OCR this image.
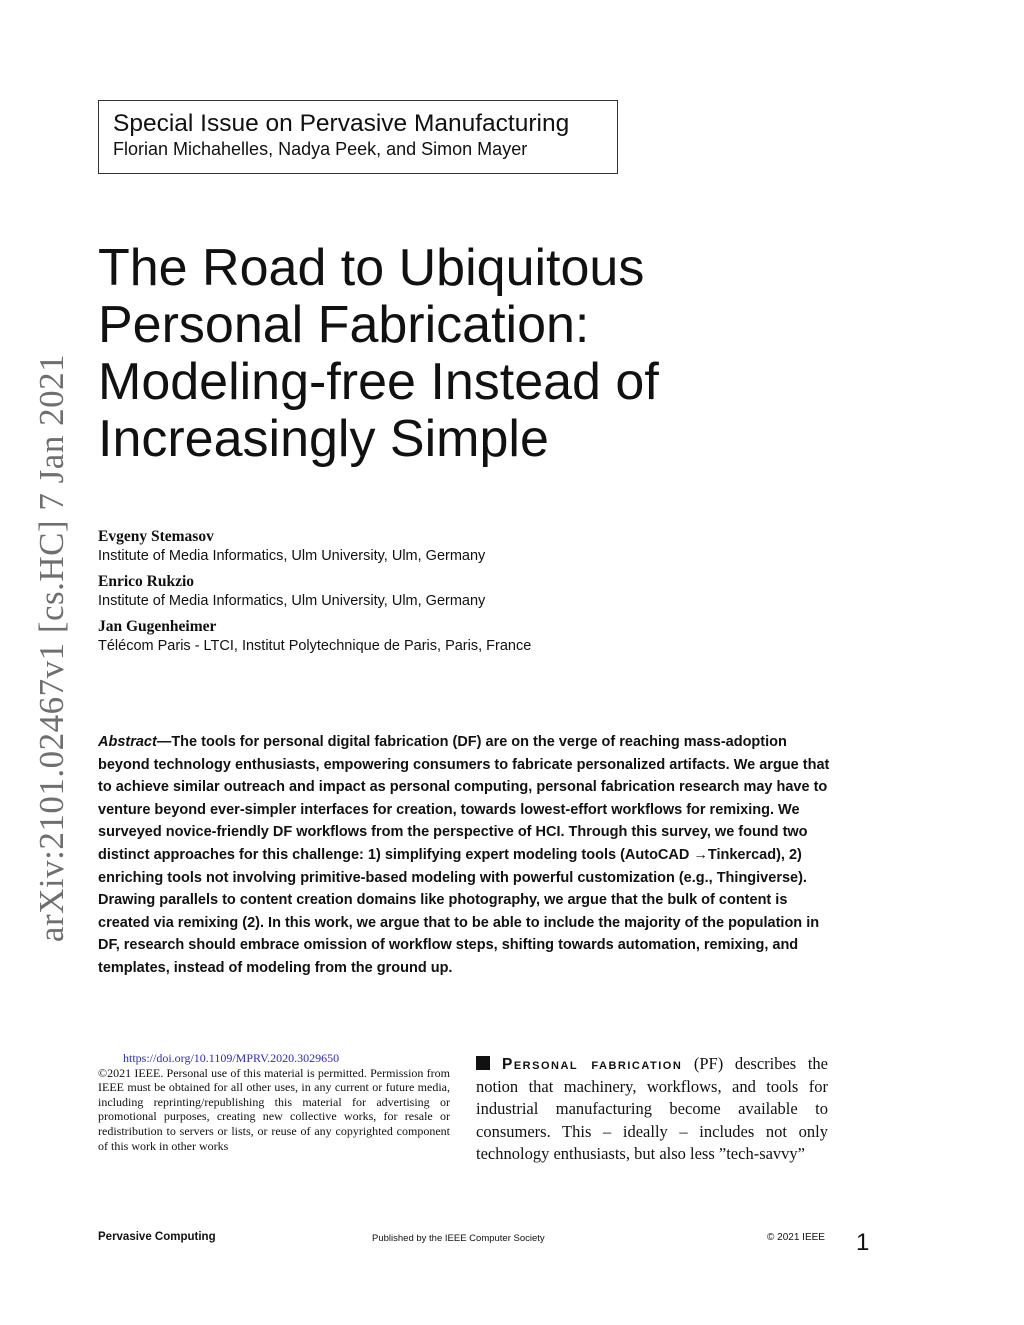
Special Issue on Pervasive Manufacturing
Florian Michahelles, Nadya Peek, and Simon Mayer
arXiv:2101.02467v1 [cs.HC] 7 Jan 2021
The Road to Ubiquitous
Personal Fabrication:
Modeling-free Instead of
Increasingly Simple
Evgeny Stemasov
Institute of Media Informatics, Ulm University, Ulm, Germany
Enrico Rukzio
Institute of Media Informatics, Ulm University, Ulm, Germany
Jan Gugenheimer
Télécom Paris - LTCI, Institut Polytechnique de Paris, Paris, France
Abstract—The tools for personal digital fabrication (DF) are on the verge of reaching mass-adoption beyond technology enthusiasts, empowering consumers to fabricate personalized artifacts. We argue that to achieve similar outreach and impact as personal computing, personal fabrication research may have to venture beyond ever-simpler interfaces for creation, towards lowest-effort workflows for remixing. We surveyed novice-friendly DF workflows from the perspective of HCI. Through this survey, we found two distinct approaches for this challenge: 1) simplifying expert modeling tools (AutoCAD →Tinkercad), 2) enriching tools not involving primitive-based modeling with powerful customization (e.g., Thingiverse). Drawing parallels to content creation domains like photography, we argue that the bulk of content is created via remixing (2). In this work, we argue that to be able to include the majority of the population in DF, research should embrace omission of workflow steps, shifting towards automation, remixing, and templates, instead of modeling from the ground up.
https://doi.org/10.1109/MPRV.2020.3029650
©2021 IEEE. Personal use of this material is permitted. Permission from IEEE must be obtained for all other uses, in any current or future media, including reprinting/republishing this material for advertising or promotional purposes, creating new collective works, for resale or redistribution to servers or lists, or reuse of any copyrighted component of this work in other works
Personal fabrication (PF) describes the notion that machinery, workflows, and tools for industrial manufacturing become available to consumers. This – ideally – includes not only technology enthusiasts, but also less ”tech-savvy”
Pervasive Computing	Published by the IEEE Computer Society	© 2021 IEEE 1
